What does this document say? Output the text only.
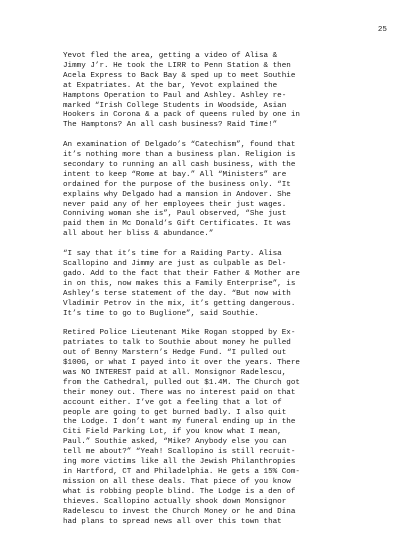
25

Yevot fled the area, getting a video of Alisa &
Jimmy J’r. He took the LIRR to Penn Station & then
Acela Express to Back Bay & sped up to meet Southie
at Expatriates. At the bar, Yevot explained the
Hamptons Operation to Paul and Ashley. Ashley re-
marked “Irish College Students in Woodside, Asian
Hookers in Corona & a pack of queens ruled by one in
The Hamptons? An all cash business? Raid Time!”

An examination of Delgado’s “Catechism”, found that
it’s nothing more than a business plan. Religion is
secondary to running an all cash business, with the
intent to keep “Rome at bay.” All “Ministers” are
ordained for the purpose of the business only. “It
explains why Delgado had a mansion in Andover. She
never paid any of her employees their just wages.
Conniving woman she is”, Paul observed, “She just
paid them in Mc Donald’s Gift Certificates. It was
all about her bliss & abundance.”

“I say that it’s time for a Raiding Party. Alisa
Scallopino and Jimmy are just as culpable as Del-
gado. Add to the fact that their Father & Mother are
in on this, now makes this a Family Enterprise”, is
Ashley’s terse statement of the day. “But now with
Vladimir Petrov in the mix, it’s getting dangerous.
It’s time to go to Buglione”, said Southie.

Retired Police Lieutenant Mike Rogan stopped by Ex-
patriates to talk to Southie about money he pulled
out of Benny Marstern’s Hedge Fund. “I pulled out
$100G, or what I payed into it over the years. There
was NO INTEREST paid at all. Monsignor Radelescu,
from the Cathedral, pulled out $1.4M. The Church got
their money out. There was no interest paid on that
account either. I’ve got a feeling that a lot of
people are going to get burned badly. I also quit
the Lodge. I don’t want my funeral ending up in the
Citi Field Parking Lot, if you know what I mean,
Paul.” Southie asked, “Mike? Anybody else you can
tell me about?” “Yeah! Scallopino is still recruit-
ing more victims like all the Jewish Philanthropies
in Hartford, CT and Philadelphia. He gets a 15% Com-
mission on all these deals. That piece of you know
what is robbing people blind. The Lodge is a den of
thieves. Scallopino actually shook down Monsignor
Radelescu to invest the Church Money or he and Dina
had plans to spread news all over this town that
